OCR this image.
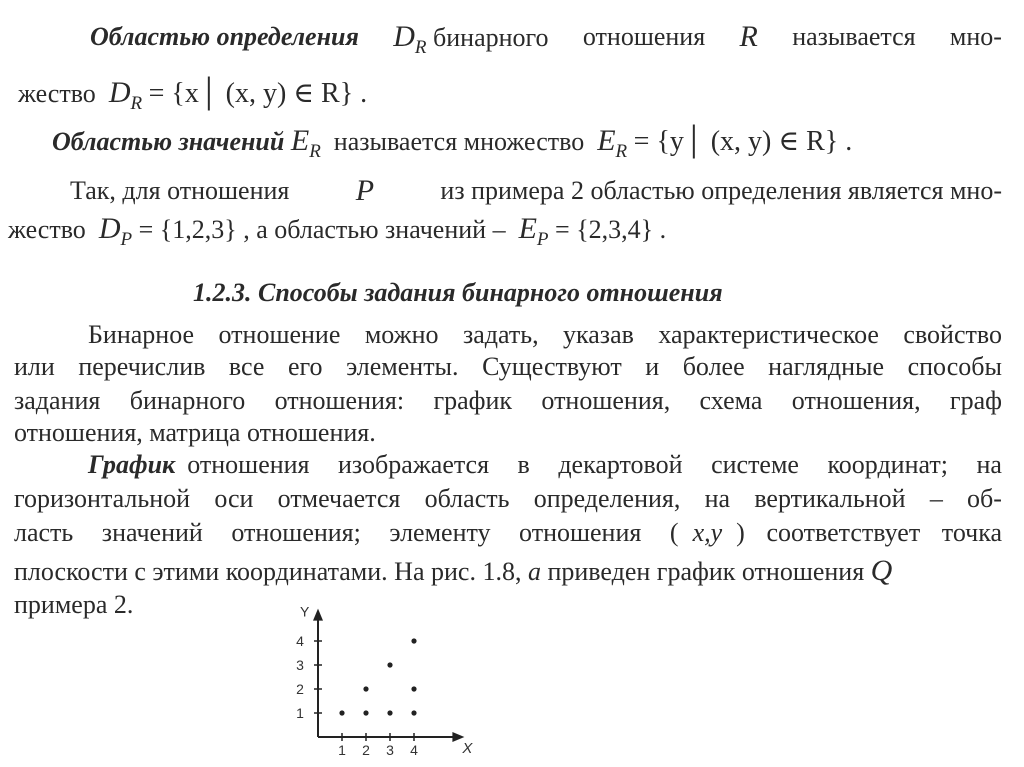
Областью определения $D_R$ бинарного отношения R называется мно-
жество $D_R$ = {x│ (x, y) ∈ R} .
Областью значений $E_R$ называется множество $E_R$ = {y│ (x, y) ∈ R} .
Так, для отношения P	из примера 2 областью определения является мно-
жество $D_P = \{1,2,3\}$ , а областью значений – $E_P = \{2,3,4\}$ .
1.2.3. Способы задания бинарного отношения
Бинарное отношение можно задать, указав характеристическое свойство
или перечислив все его элементы. Существуют и более наглядные способы
задания бинарного отношения: график отношения, схема отношения, граф
отношения, матрица отношения.
График отношения изображается в декартовой системе координат; на
горизонтальной оси отмечается область определения, на вертикальной – об-
ласть значений отношения; элементу отношения ( x,y ) соответствует точка
плоскости с этими координатами. На рис. 1.8, а приведен график отношения Q
примера 2.
X
Y
1 2 3 4
1
2
3
4
